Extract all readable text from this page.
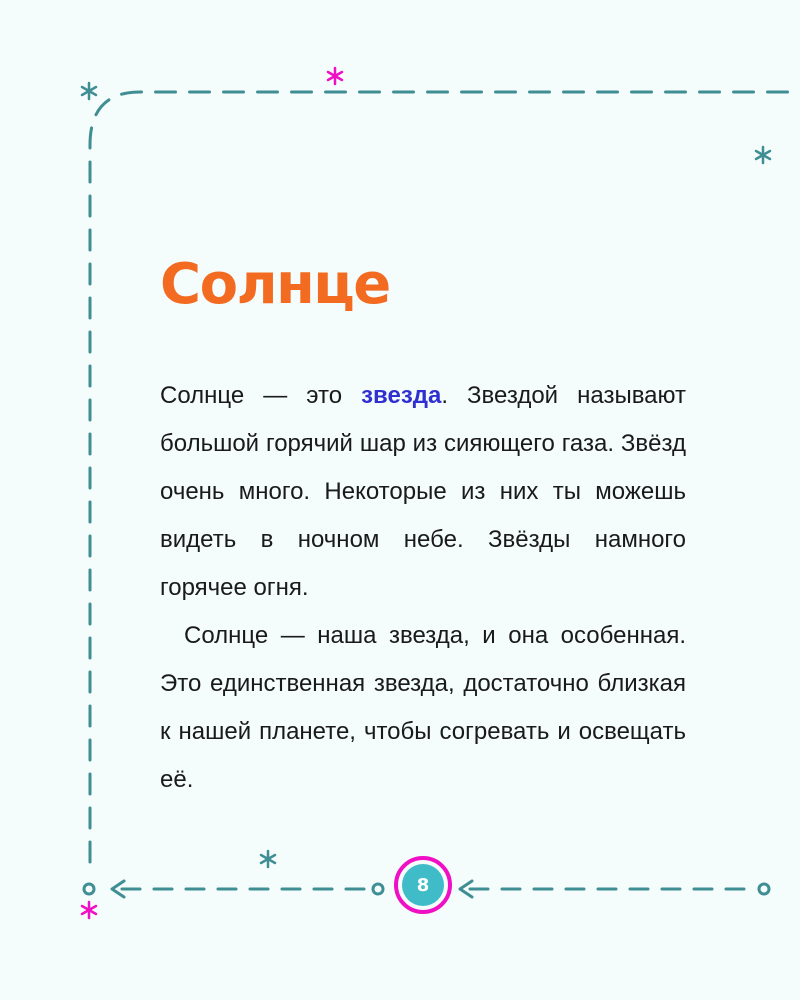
Солнце

Солнце — это звезда. Звездой называют большой горячий шар из сияющего газа. Звёзд очень много. Некоторые из них ты можешь видеть в ночном небе. Звёзды намного горячее огня.

Солнце — наша звезда, и она особенная. Это единственная звезда, достаточно близкая к нашей планете, чтобы согревать и освещать её.

8
